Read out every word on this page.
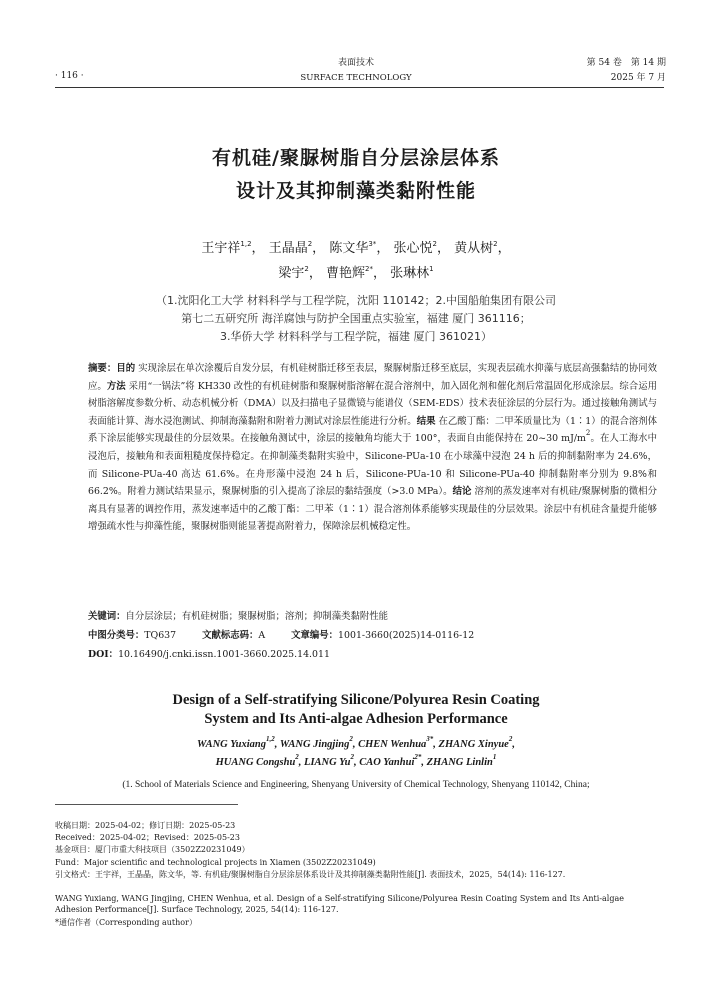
· 116 ·
表面技术
SURFACE TECHNOLOGY
第 54 卷　第 14 期
2025 年 7 月
有机硅/聚脲树脂自分层涂层体系
设计及其抑制藻类黏附性能
王宇祥$^{1,2}$， 王晶晶$^2$， 陈文华$^{3*}$， 张心悦$^2$， 黄从树$^2$，
梁宇$^2$， 曹艳辉$^{2*}$， 张琳林$^1$
（1.沈阳化工大学 材料科学与工程学院，沈阳 110142；2.中国船舶集团有限公司
第七二五研究所 海洋腐蚀与防护全国重点实验室，福建 厦门 361116；
3.华侨大学 材料科学与工程学院，福建 厦门 361021）
摘要：目的 实现涂层在单次涂覆后自发分层，有机硅树脂迁移至表层，聚脲树脂迁移至底层，实现表层疏水抑藻与底层高强黏结的协同效应。方法 采用“一锅法”将 KH330 改性的有机硅树脂和聚脲树脂溶解在混合溶剂中，加入固化剂和催化剂后常温固化形成涂层。综合运用树脂溶解度参数分析、动态机械分析（DMA）以及扫描电子显微镜与能谱仪（SEM-EDS）技术表征涂层的分层行为。通过接触角测试与表面能计算、海水浸泡测试、抑制海藻黏附和附着力测试对涂层性能进行分析。结果 在乙酸丁酯：二甲苯质量比为（1∶1）的混合溶剂体系下涂层能够实现最佳的分层效果。在接触角测试中，涂层的接触角均能大于 100°，表面自由能保持在 20~30 $mJ/m^2$。在人工海水中浸泡后，接触角和表面粗糙度保持稳定。在抑制藻类黏附实验中，Silicone-PUa-10 在小球藻中浸泡 24 h 后的抑制黏附率为 24.6%，而 Silicone-PUa-40 高达 61.6%。在舟形藻中浸泡 24 h 后，Silicone-PUa-10 和 Silicone-PUa-40 抑制黏附率分别为 9.8%和 66.2%。附着力测试结果显示，聚脲树脂的引入提高了涂层的黏结强度（>3.0 MPa）。结论 溶剂的蒸发速率对有机硅/聚脲树脂的微相分离具有显著的调控作用，蒸发速率适中的乙酸丁酯：二甲苯（1∶1）混合溶剂体系能够实现最佳的分层效果。涂层中有机硅含量提升能够增强疏水性与抑藻性能，聚脲树脂则能显著提高附着力，保障涂层机械稳定性。
关键词：自分层涂层；有机硅树脂；聚脲树脂；溶剂；抑制藻类黏附性能
中图分类号：TQ637	文献标志码：A	文章编号：1001-3660(2025)14-0116-12
DOI：10.16490/j.cnki.issn.1001-3660.2025.14.011
Design of a Self-stratifying Silicone/Polyurea Resin Coating
System and Its Anti-algae Adhesion Performance
WANG Yuxiang$^{1,2}$, WANG Jingjing$^2$, CHEN Wenhua$^{3*}$, ZHANG Xinyue$^2$,
HUANG Congshu$^2$, LIANG Yu$^2$, CAO Yanhui$^{2*}$, ZHANG Linlin$^1$
(1. School of Materials Science and Engineering, Shenyang University of Chemical Technology, Shenyang 110142, China;
收稿日期：2025-04-02；修订日期：2025-05-23
Received：2025-04-02；Revised：2025-05-23
基金项目：厦门市重大科技项目（3502Z20231049）
Fund：Major scientific and technological projects in Xiamen (3502Z20231049)
引文格式：王宇祥，王晶晶，陈文华，等. 有机硅/聚脲树脂自分层涂层体系设计及其抑制藻类黏附性能[J]. 表面技术，2025，54(14): 116-127.
WANG Yuxiang, WANG Jingjing, CHEN Wenhua, et al. Design of a Self-stratifying Silicone/Polyurea Resin Coating System and Its Anti-algae Adhesion Performance[J]. Surface Technology, 2025, 54(14): 116-127.
*通信作者（Corresponding author）
